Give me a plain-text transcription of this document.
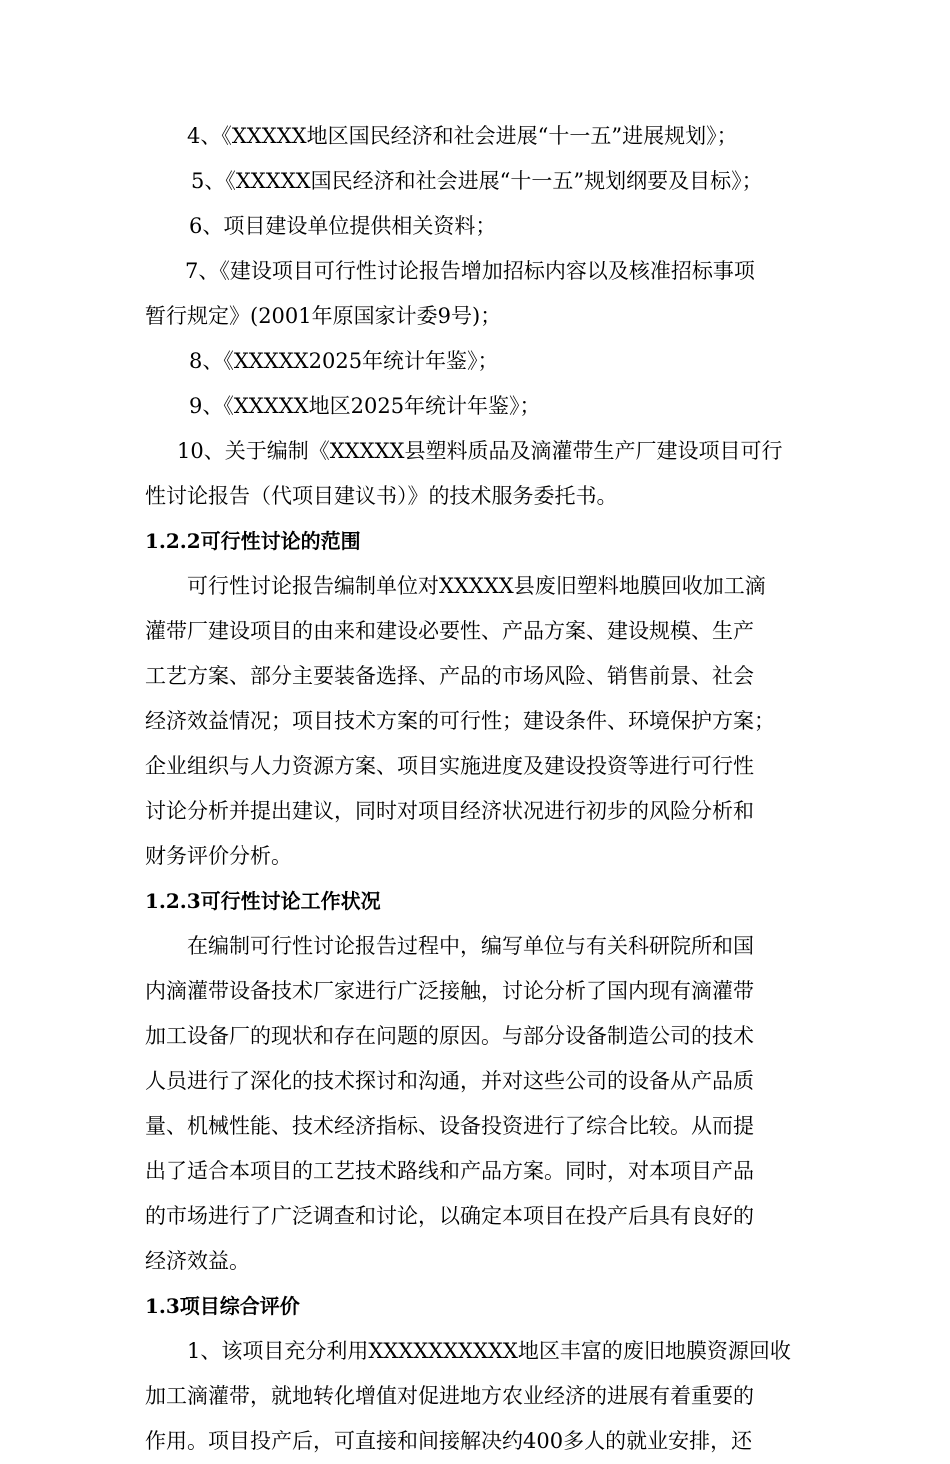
4、《XXXXX地区国民经济和社会进展“十一五”进展规划》；
5、《XXXXX国民经济和社会进展“十一五”规划纲要及目标》；
6、项目建设单位提供相关资料；
7、《建设项目可行性讨论报告增加招标内容以及核准招标事项
暂行规定》(2001年原国家计委9号)；
8、《XXXXX2025年统计年鉴》；
9、《XXXXX地区2025年统计年鉴》；
10、关于编制《XXXXX县塑料质品及滴灌带生产厂建设项目可行
性讨论报告（代项目建议书）》的技术服务委托书。
1.2.2可行性讨论的范围
可行性讨论报告编制单位对XXXXX县废旧塑料地膜回收加工滴
灌带厂建设项目的由来和建设必要性、产品方案、建设规模、生产
工艺方案、部分主要装备选择、产品的市场风险、销售前景、社会
经济效益情况；项目技术方案的可行性；建设条件、环境保护方案；
企业组织与人力资源方案、项目实施进度及建设投资等进行可行性
讨论分析并提出建议，同时对项目经济状况进行初步的风险分析和
财务评价分析。
1.2.3可行性讨论工作状况
在编制可行性讨论报告过程中，编写单位与有关科研院所和国
内滴灌带设备技术厂家进行广泛接触，讨论分析了国内现有滴灌带
加工设备厂的现状和存在问题的原因。与部分设备制造公司的技术
人员进行了深化的技术探讨和沟通，并对这些公司的设备从产品质
量、机械性能、技术经济指标、设备投资进行了综合比较。从而提
出了适合本项目的工艺技术路线和产品方案。同时，对本项目产品
的市场进行了广泛调查和讨论，以确定本项目在投产后具有良好的
经济效益。
1.3项目综合评价
1、该项目充分利用XXXXXXXXXX地区丰富的废旧地膜资源回收
加工滴灌带，就地转化增值对促进地方农业经济的进展有着重要的
作用。项目投产后，可直接和间接解决约400多人的就业安排，还
